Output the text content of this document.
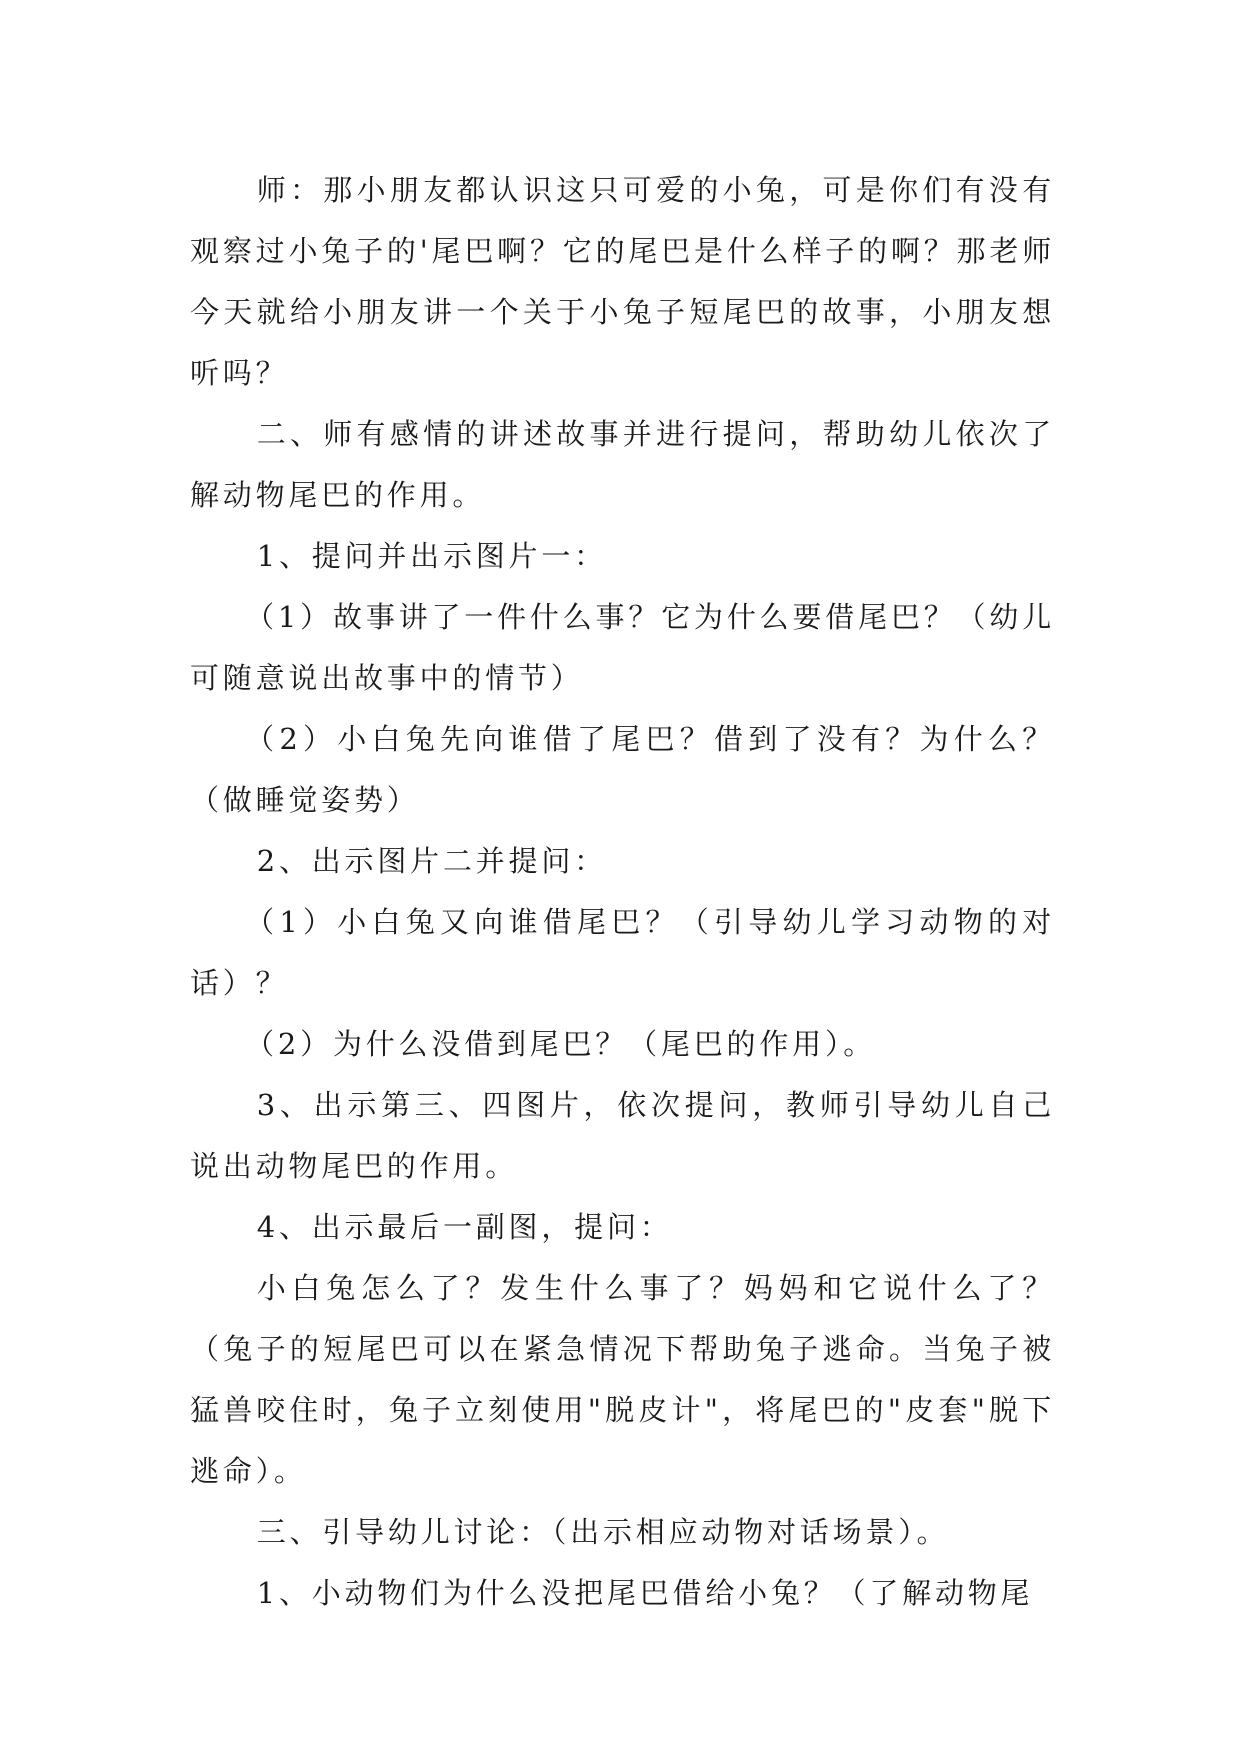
师：那小朋友都认识这只可爱的小兔，可是你们有没有观察过小兔子的'尾巴啊？它的尾巴是什么样子的啊？那老师今天就给小朋友讲一个关于小兔子短尾巴的故事，小朋友想听吗？

二、师有感情的讲述故事并进行提问，帮助幼儿依次了解动物尾巴的作用。

1、提问并出示图片一：

（1）故事讲了一件什么事？它为什么要借尾巴？（幼儿可随意说出故事中的情节）

（2）小白兔先向谁借了尾巴？借到了没有？为什么？（做睡觉姿势）

2、出示图片二并提问：

（1）小白兔又向谁借尾巴？（引导幼儿学习动物的对话）？

（2）为什么没借到尾巴？（尾巴的作用）。

3、出示第三、四图片，依次提问，教师引导幼儿自己说出动物尾巴的作用。

4、出示最后一副图，提问：

小白兔怎么了？发生什么事了？妈妈和它说什么了？（兔子的短尾巴可以在紧急情况下帮助兔子逃命。当兔子被猛兽咬住时，兔子立刻使用"脱皮计"，将尾巴的"皮套"脱下逃命）。

三、引导幼儿讨论：（出示相应动物对话场景）。

1、小动物们为什么没把尾巴借给小兔？（了解动物尾
